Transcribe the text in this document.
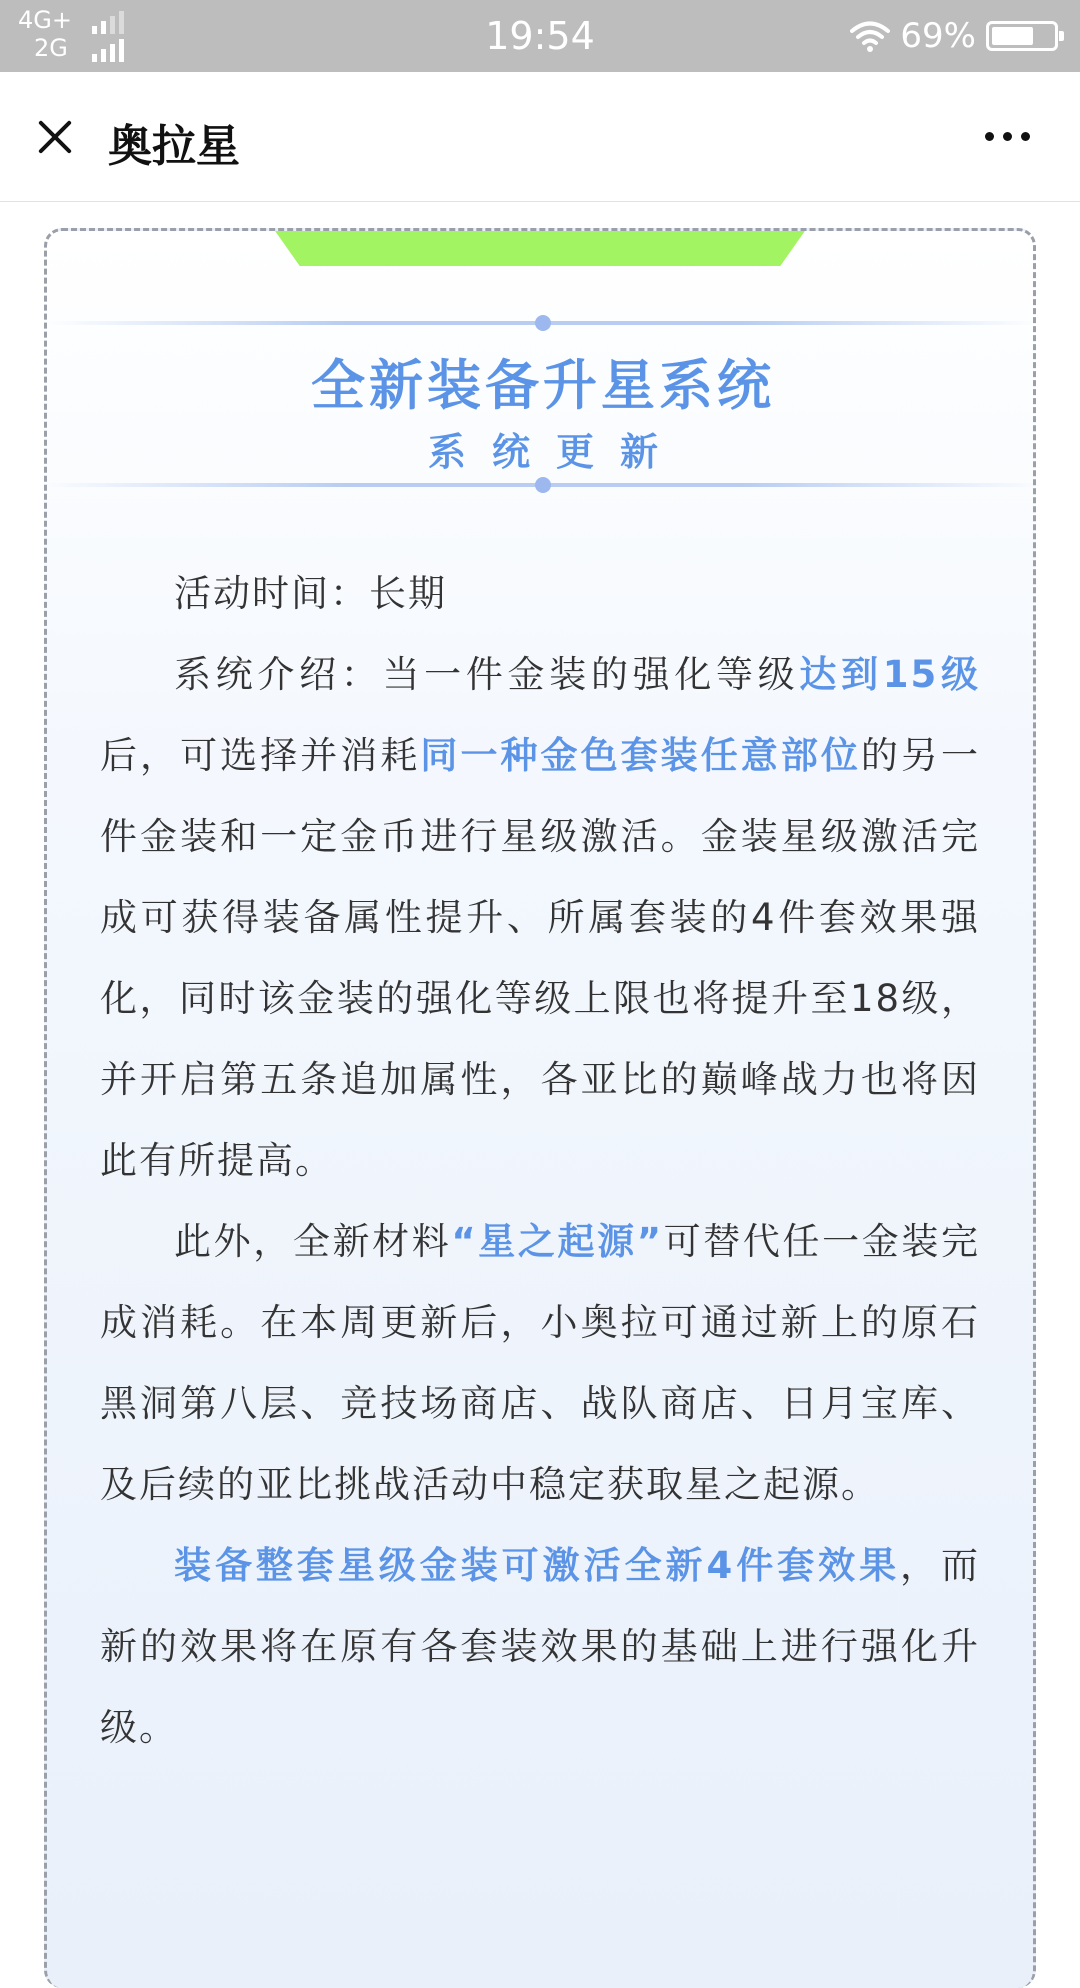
4G+
2G	19:54	69%
奥拉星
全新装备升星系统
系统更新

活动时间：长期

系统介绍：当一件金装的强化等级达到15级后，可选择并消耗同一种金色套装任意部位的另一件金装和一定金币进行星级激活。金装星级激活完成可获得装备属性提升、所属套装的4件套效果强化，同时该金装的强化等级上限也将提升至18级，并开启第五条追加属性，各亚比的巅峰战力也将因此有所提高。

此外，全新材料“星之起源”可替代任一金装完成消耗。在本周更新后，小奥拉可通过新上的原石黑洞第八层、竞技场商店、战队商店、日月宝库、及后续的亚比挑战活动中稳定获取星之起源。

装备整套星级金装可激活全新4件套效果，而新的效果将在原有各套装效果的基础上进行强化升级。
